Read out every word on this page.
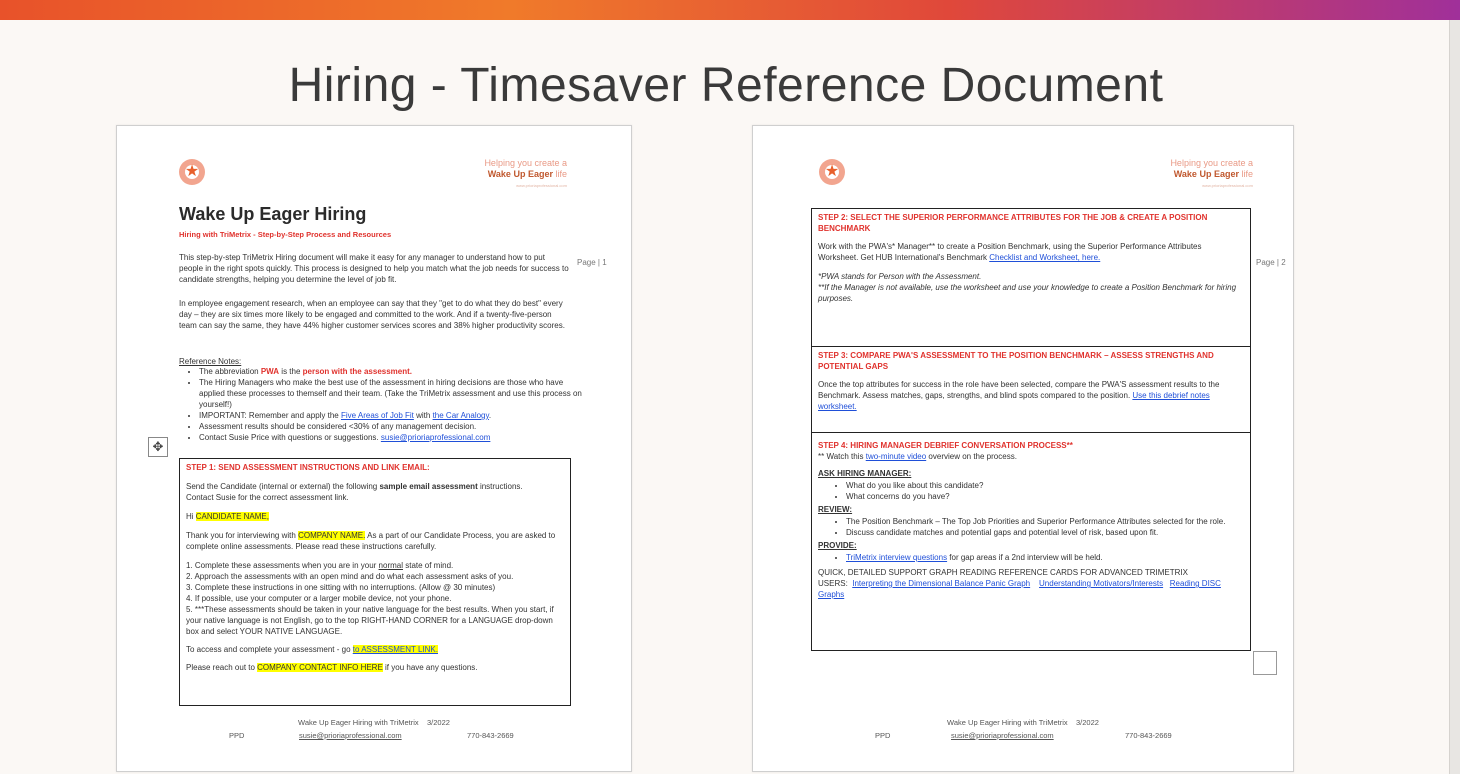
Hiring - Timesaver Reference Document
★	Helping you create a
Wake Up Eager life
www.prioriaprofessional.com
Page | 1
Wake Up Eager Hiring
Hiring with TriMetrix - Step-by-Step Process and Resources

This step-by-step TriMetrix Hiring document will make it easy for any manager to understand how to put people in the right spots quickly. This process is designed to help you match what the job needs for success to candidate strengths, helping you determine the level of job fit.

In employee engagement research, when an employee can say that they "get to do what they do best" every day – they are six times more likely to be engaged and committed to the work. And if a twenty-five-person team can say the same, they have 44% higher customer services scores and 38% higher productivity scores.

Reference Notes:
• The abbreviation PWA is the person with the assessment.
• The Hiring Managers who make the best use of the assessment in hiring decisions are those who have applied these processes to themself and their team. (Take the TriMetrix assessment and use this process on yourself!)
• IMPORTANT: Remember and apply the Five Areas of Job Fit with the Car Analogy.
• Assessment results should be considered <30% of any management decision.
• Contact Susie Price with questions or suggestions. susie@prioriaprofessional.com
STEP 1: SEND ASSESSMENT INSTRUCTIONS AND LINK EMAIL:

Send the Candidate (internal or external) the following sample email assessment instructions.
Contact Susie for the correct assessment link.

Hi CANDIDATE NAME,

Thank you for interviewing with COMPANY NAME. As a part of our Candidate Process, you are asked to complete online assessments. Please read these instructions carefully.

1. Complete these assessments when you are in your normal state of mind.
2. Approach the assessments with an open mind and do what each assessment asks of you.
3. Complete these instructions in one sitting with no interruptions. (Allow @ 30 minutes)
4. If possible, use your computer or a larger mobile device, not your phone.
5. ***These assessments should be taken in your native language for the best results. When you start, if your native language is not English, go to the top RIGHT-HAND CORNER for a LANGUAGE drop-down box and select YOUR NATIVE LANGUAGE.

To access and complete your assessment - go to ASSESSMENT LINK.

Please reach out to COMPANY CONTACT INFO HERE if you have any questions.

Wake Up Eager Hiring with TriMetrix 3/2022
PPD	susie@prioriaprofessional.com	770-843-2669
✥
★	Helping you create a
Wake Up Eager life
www.prioriaprofessional.com
Page | 2
STEP 2: SELECT THE SUPERIOR PERFORMANCE ATTRIBUTES FOR THE JOB & CREATE A POSITION BENCHMARK

Work with the PWA's* Manager** to create a Position Benchmark, using the Superior Performance Attributes Worksheet. Get HUB International's Benchmark Checklist and Worksheet, here.

*PWA stands for Person with the Assessment.
**If the Manager is not available, use the worksheet and use your knowledge to create a Position Benchmark for hiring purposes.

STEP 3: COMPARE PWA'S ASSESSMENT TO THE POSITION BENCHMARK – ASSESS STRENGTHS AND POTENTIAL GAPS

Once the top attributes for success in the role have been selected, compare the PWA'S assessment results to the Benchmark. Assess matches, gaps, strengths, and blind spots compared to the position. Use this debrief notes worksheet.

STEP 4: HIRING MANAGER DEBRIEF CONVERSATION PROCESS**

** Watch this two-minute video overview on the process.

ASK HIRING MANAGER:

• What do you like about this candidate?
• What concerns do you have?

REVIEW:

• The Position Benchmark – The Top Job Priorities and Superior Performance Attributes selected for the role.
• Discuss candidate matches and potential gaps and potential level of risk, based upon fit.

PROVIDE:

• TriMetrix interview questions for gap areas if a 2nd interview will be held.

QUICK, DETAILED SUPPORT GRAPH READING REFERENCE CARDS FOR ADVANCED TRIMETRIX USERS: Interpreting the Dimensional Balance Panic Graph Understanding Motivators/Interests Reading DISC Graphs

Wake Up Eager Hiring with TriMetrix 3/2022
PPD	susie@prioriaprofessional.com	770-843-2669
